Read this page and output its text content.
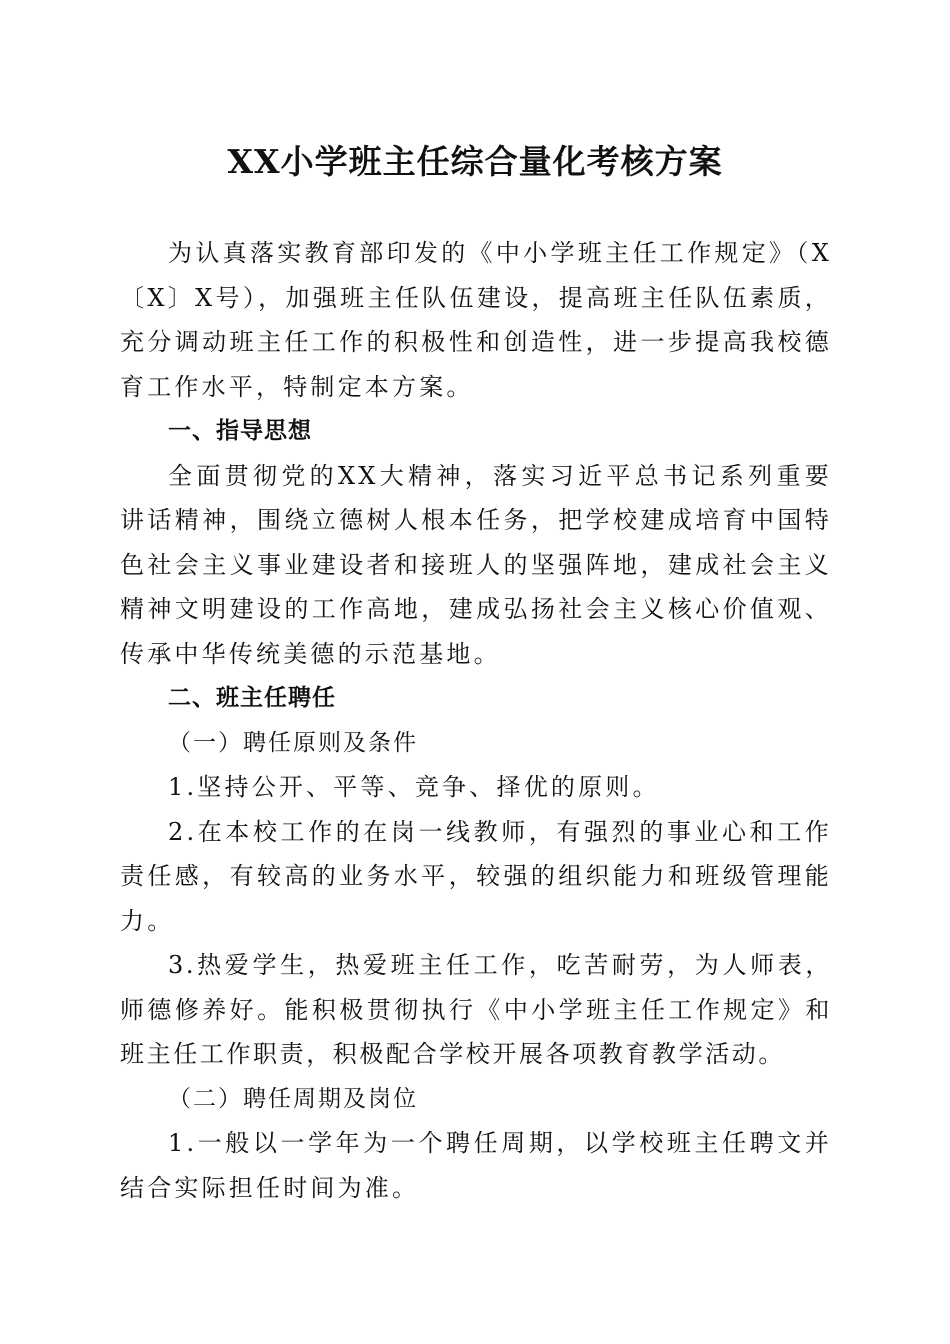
XX小学班主任综合量化考核方案

为认真落实教育部印发的《中小学班主任工作规定》（X〔X〕X号），加强班主任队伍建设，提高班主任队伍素质，充分调动班主任工作的积极性和创造性，进一步提高我校德育工作水平，特制定本方案。

一、指导思想

全面贯彻党的XX大精神，落实习近平总书记系列重要讲话精神，围绕立德树人根本任务，把学校建成培育中国特色社会主义事业建设者和接班人的坚强阵地，建成社会主义精神文明建设的工作高地，建成弘扬社会主义核心价值观、传承中华传统美德的示范基地。

二、班主任聘任

（一）聘任原则及条件

1.坚持公开、平等、竞争、择优的原则。

2.在本校工作的在岗一线教师，有强烈的事业心和工作责任感，有较高的业务水平，较强的组织能力和班级管理能力。

3.热爱学生，热爱班主任工作，吃苦耐劳，为人师表，师德修养好。能积极贯彻执行《中小学班主任工作规定》和班主任工作职责，积极配合学校开展各项教育教学活动。

（二）聘任周期及岗位

1.一般以一学年为一个聘任周期，以学校班主任聘文并结合实际担任时间为准。
